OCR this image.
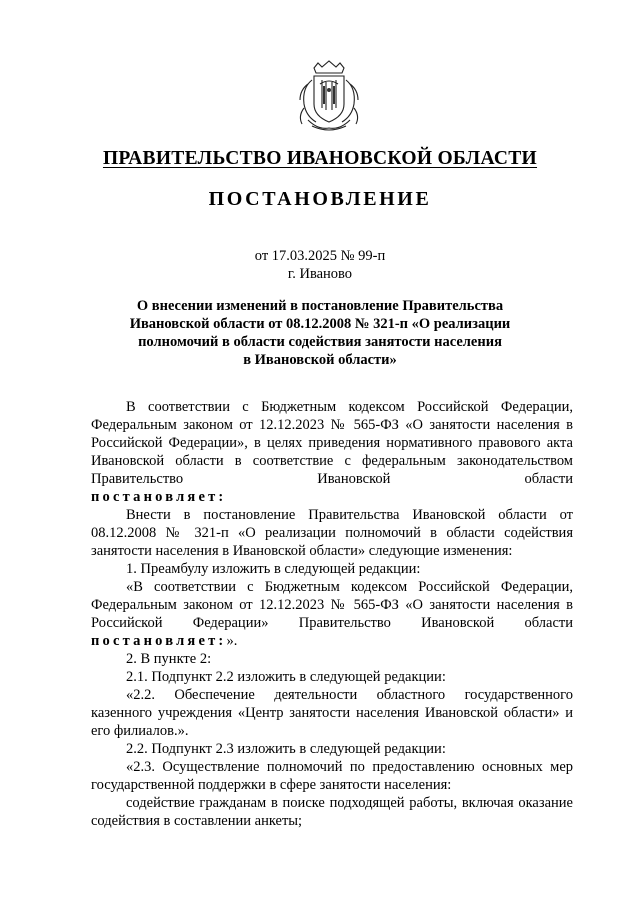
ПРАВИТЕЛЬСТВО ИВАНОВСКОЙ ОБЛАСТИ
ПОСТАНОВЛЕНИЕ
от 17.03.2025 № 99-п
г. Иваново
О внесении изменений в постановление Правительства
Ивановской области от 08.12.2008 № 321-п «О реализации
полномочий в области содействия занятости населения
в Ивановской области»

В соответствии с Бюджетным кодексом Российской Федерации, Федеральным законом от 12.12.2023 № 565-ФЗ «О занятости населения в Российской Федерации», в целях приведения нормативного правового акта Ивановской области в соответствие с федеральным законодательством Правительство Ивановской области

постановляет:

Внести в постановление Правительства Ивановской области от 08.12.2008 № 321-п «О реализации полномочий в области содействия занятости населения в Ивановской области» следующие изменения:

1. Преамбулу изложить в следующей редакции:

«В соответствии с Бюджетным кодексом Российской Федерации, Федеральным законом от 12.12.2023 № 565-ФЗ «О занятости населения в Российской Федерации» Правительство Ивановской области

постановляет:».

2. В пункте 2:

2.1. Подпункт 2.2 изложить в следующей редакции:

«2.2. Обеспечение деятельности областного государственного казенного учреждения «Центр занятости населения Ивановской области» и его филиалов.».

2.2. Подпункт 2.3 изложить в следующей редакции:

«2.3. Осуществление полномочий по предоставлению основных мер государственной поддержки в сфере занятости населения:

содействие гражданам в поиске подходящей работы, включая оказание содействия в составлении анкеты;
